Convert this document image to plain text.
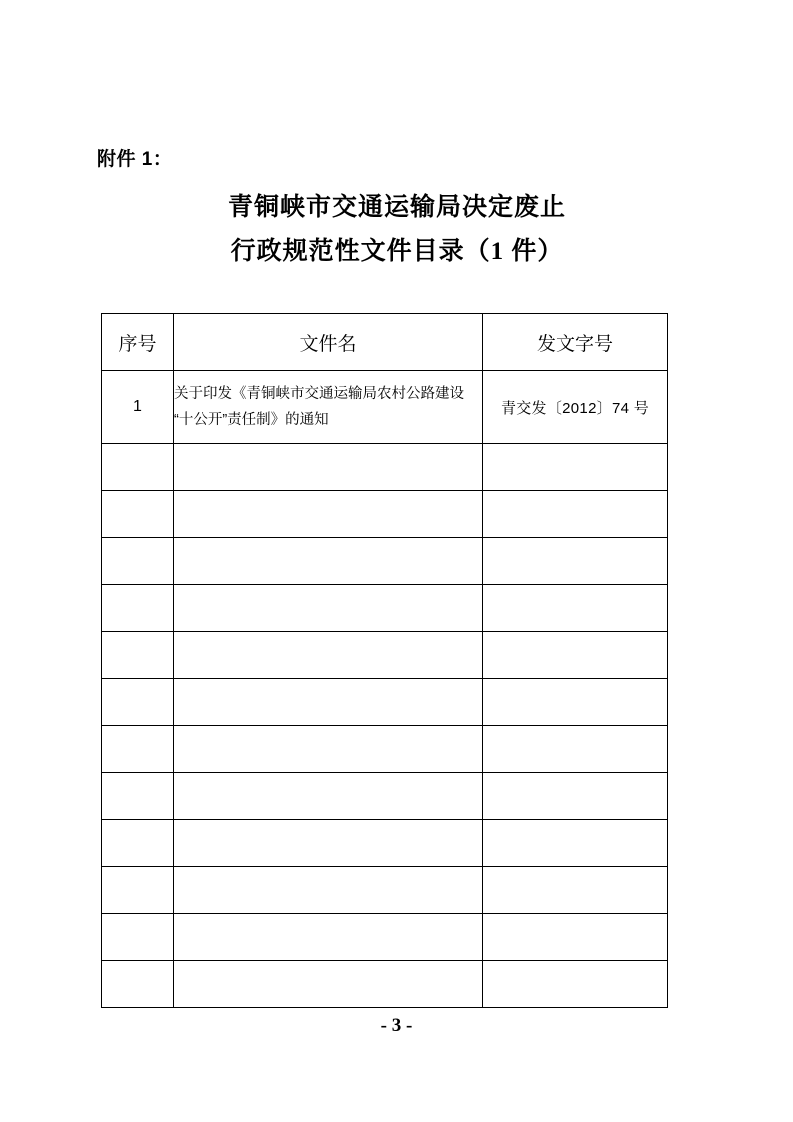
附件 1：
青铜峡市交通运输局决定废止
行政规范性文件目录（1 件）
序号	文件名	发文字号
1	关于印发《青铜峡市交通运输局农村公路建设“十公开”责任制》的通知	青交发〔2012〕74 号

- 3 -
